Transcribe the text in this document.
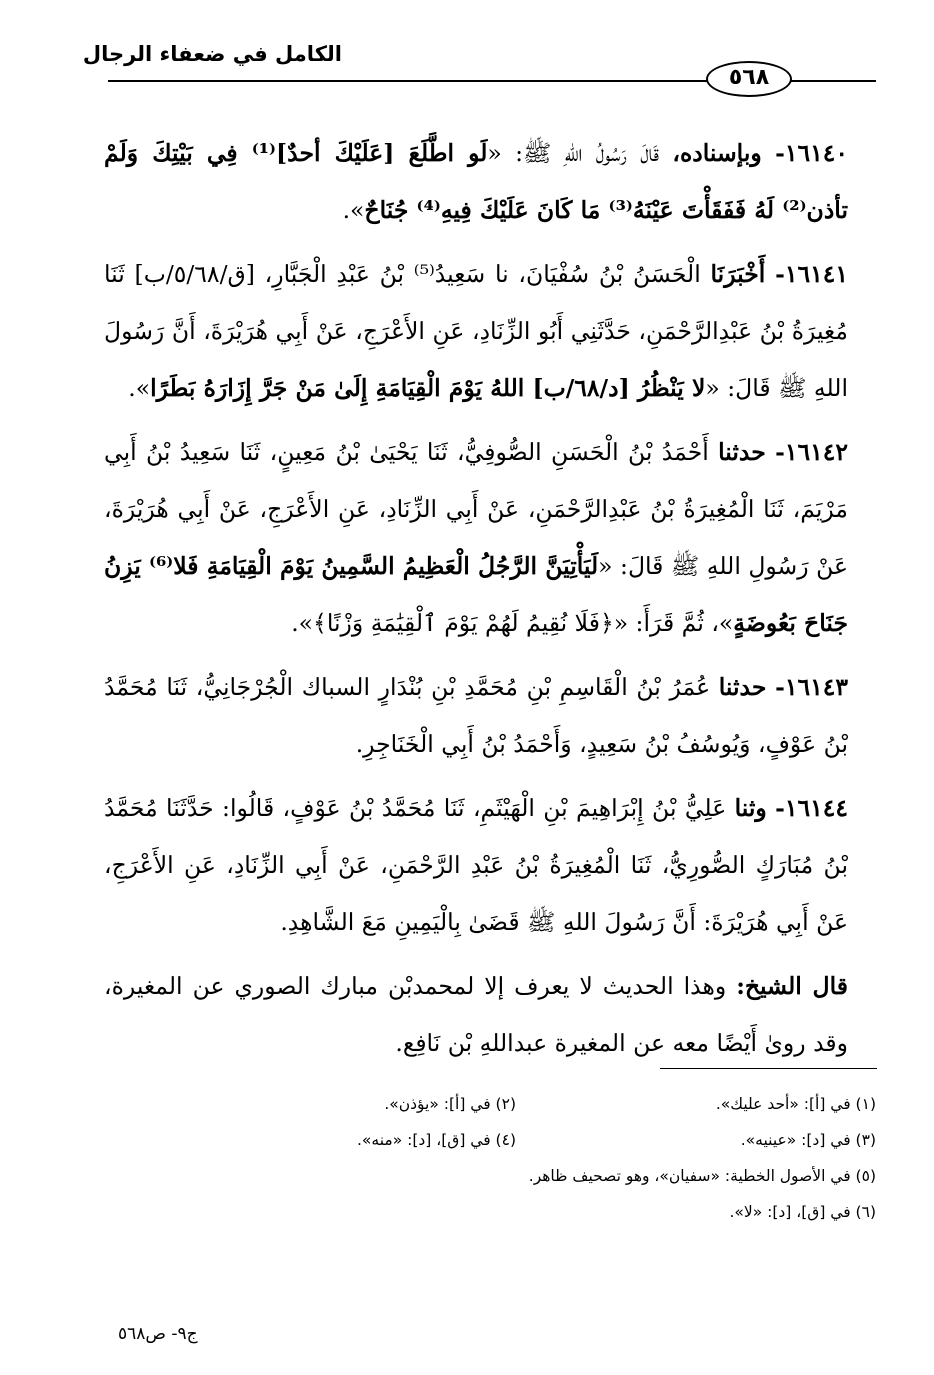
الكامل في ضعفاء الرجال
٥٦٨

١٦١٤٠- وبإسناده، قَالَ رَسُولُ اللهِ ﷺ: «لَو اطَّلَعَ [عَلَيْكَ أحدٌ]⁽¹⁾ فِي بَيْتِكَ وَلَمْ تأذن⁽²⁾ لَهُ فَفَقَأْتَ عَيْنَهُ⁽³⁾ مَا كَانَ عَلَيْكَ فِيهِ⁽⁴⁾ جُنَاحٌ».

١٦١٤١- أَخْبَرَنَا الْحَسَنُ بْنُ سُفْيَانَ، نا سَعِيدُ⁽⁵⁾ بْنُ عَبْدِ الْجَبَّارِ، [ق/٥/٦٨/ب] ثَنَا مُغِيرَةُ بْنُ عَبْدِالرَّحْمَنِ، حَدَّثَنِي أَبُو الزِّنَادِ، عَنِ الأَعْرَجِ، عَنْ أَبِي هُرَيْرَةَ، أَنَّ رَسُولَ اللهِ ﷺ قَالَ: «لا يَنْظُرُ [د/٦٨/ب] اللهُ يَوْمَ الْقِيَامَةِ إِلَىٰ مَنْ جَرَّ إِزَارَهُ بَطَرًا».

١٦١٤٢- حدثنا أَحْمَدُ بْنُ الْحَسَنِ الصُّوفِيُّ، ثَنَا يَحْيَىٰ بْنُ مَعِينٍ، ثَنَا سَعِيدُ بْنُ أَبِي مَرْيَمَ، ثَنَا الْمُغِيرَةُ بْنُ عَبْدِالرَّحْمَنِ، عَنْ أَبِي الزِّنَادِ، عَنِ الأَعْرَجِ، عَنْ أَبِي هُرَيْرَةَ، عَنْ رَسُولِ اللهِ ﷺ قَالَ: «لَيَأْتِيَنَّ الرَّجُلُ الْعَظِيمُ السَّمِينُ يَوْمَ الْقِيَامَةِ فَلا⁽⁶⁾ يَزِنُ جَنَاحَ بَعُوضَةٍ»، ثُمَّ قَرَأَ: «﴿فَلَا نُقِيمُ لَهُمْ يَوْمَ ٱلْقِيَٰمَةِ وَزْنًا﴾».

١٦١٤٣- حدثنا عُمَرُ بْنُ الْقَاسِمِ بْنِ مُحَمَّدِ بْنِ بُنْدَارٍ السباك الْجُرْجَانِيُّ، ثَنَا مُحَمَّدُ بْنُ عَوْفٍ، وَيُوسُفُ بْنُ سَعِيدٍ، وَأَحْمَدُ بْنُ أَبِي الْخَنَاجِرِ.

١٦١٤٤- وثنا عَلِيُّ بْنُ إِبْرَاهِيمَ بْنِ الْهَيْثَمِ، ثَنَا مُحَمَّدُ بْنُ عَوْفٍ، قَالُوا: حَدَّثَنَا مُحَمَّدُ بْنُ مُبَارَكٍ الصُّورِيُّ، ثَنَا الْمُغِيرَةُ بْنُ عَبْدِ الرَّحْمَنِ، عَنْ أَبِي الزِّنَادِ، عَنِ الأَعْرَجِ، عَنْ أَبِي هُرَيْرَةَ: أَنَّ رَسُولَ اللهِ ﷺ قَضَىٰ بِالْيَمِينِ مَعَ الشَّاهِدِ.

قال الشيخ: وهذا الحديث لا يعرف إلا لمحمدبْن مبارك الصوري عن المغيرة، وقد روىٰ أَيْضًا معه عن المغيرة عبداللهِ بْن نَافِع.

(١) في [أ]: «أحد عليك».
(٢) في [أ]: «يؤذن».
(٣) في [د]: «عينيه».
(٤) في [ق]، [د]: «منه».
(٥) في الأصول الخطية: «سفيان»، وهو تصحيف ظاهر.
(٦) في [ق]، [د]: «لا».
ج٩- ص٥٦٨
